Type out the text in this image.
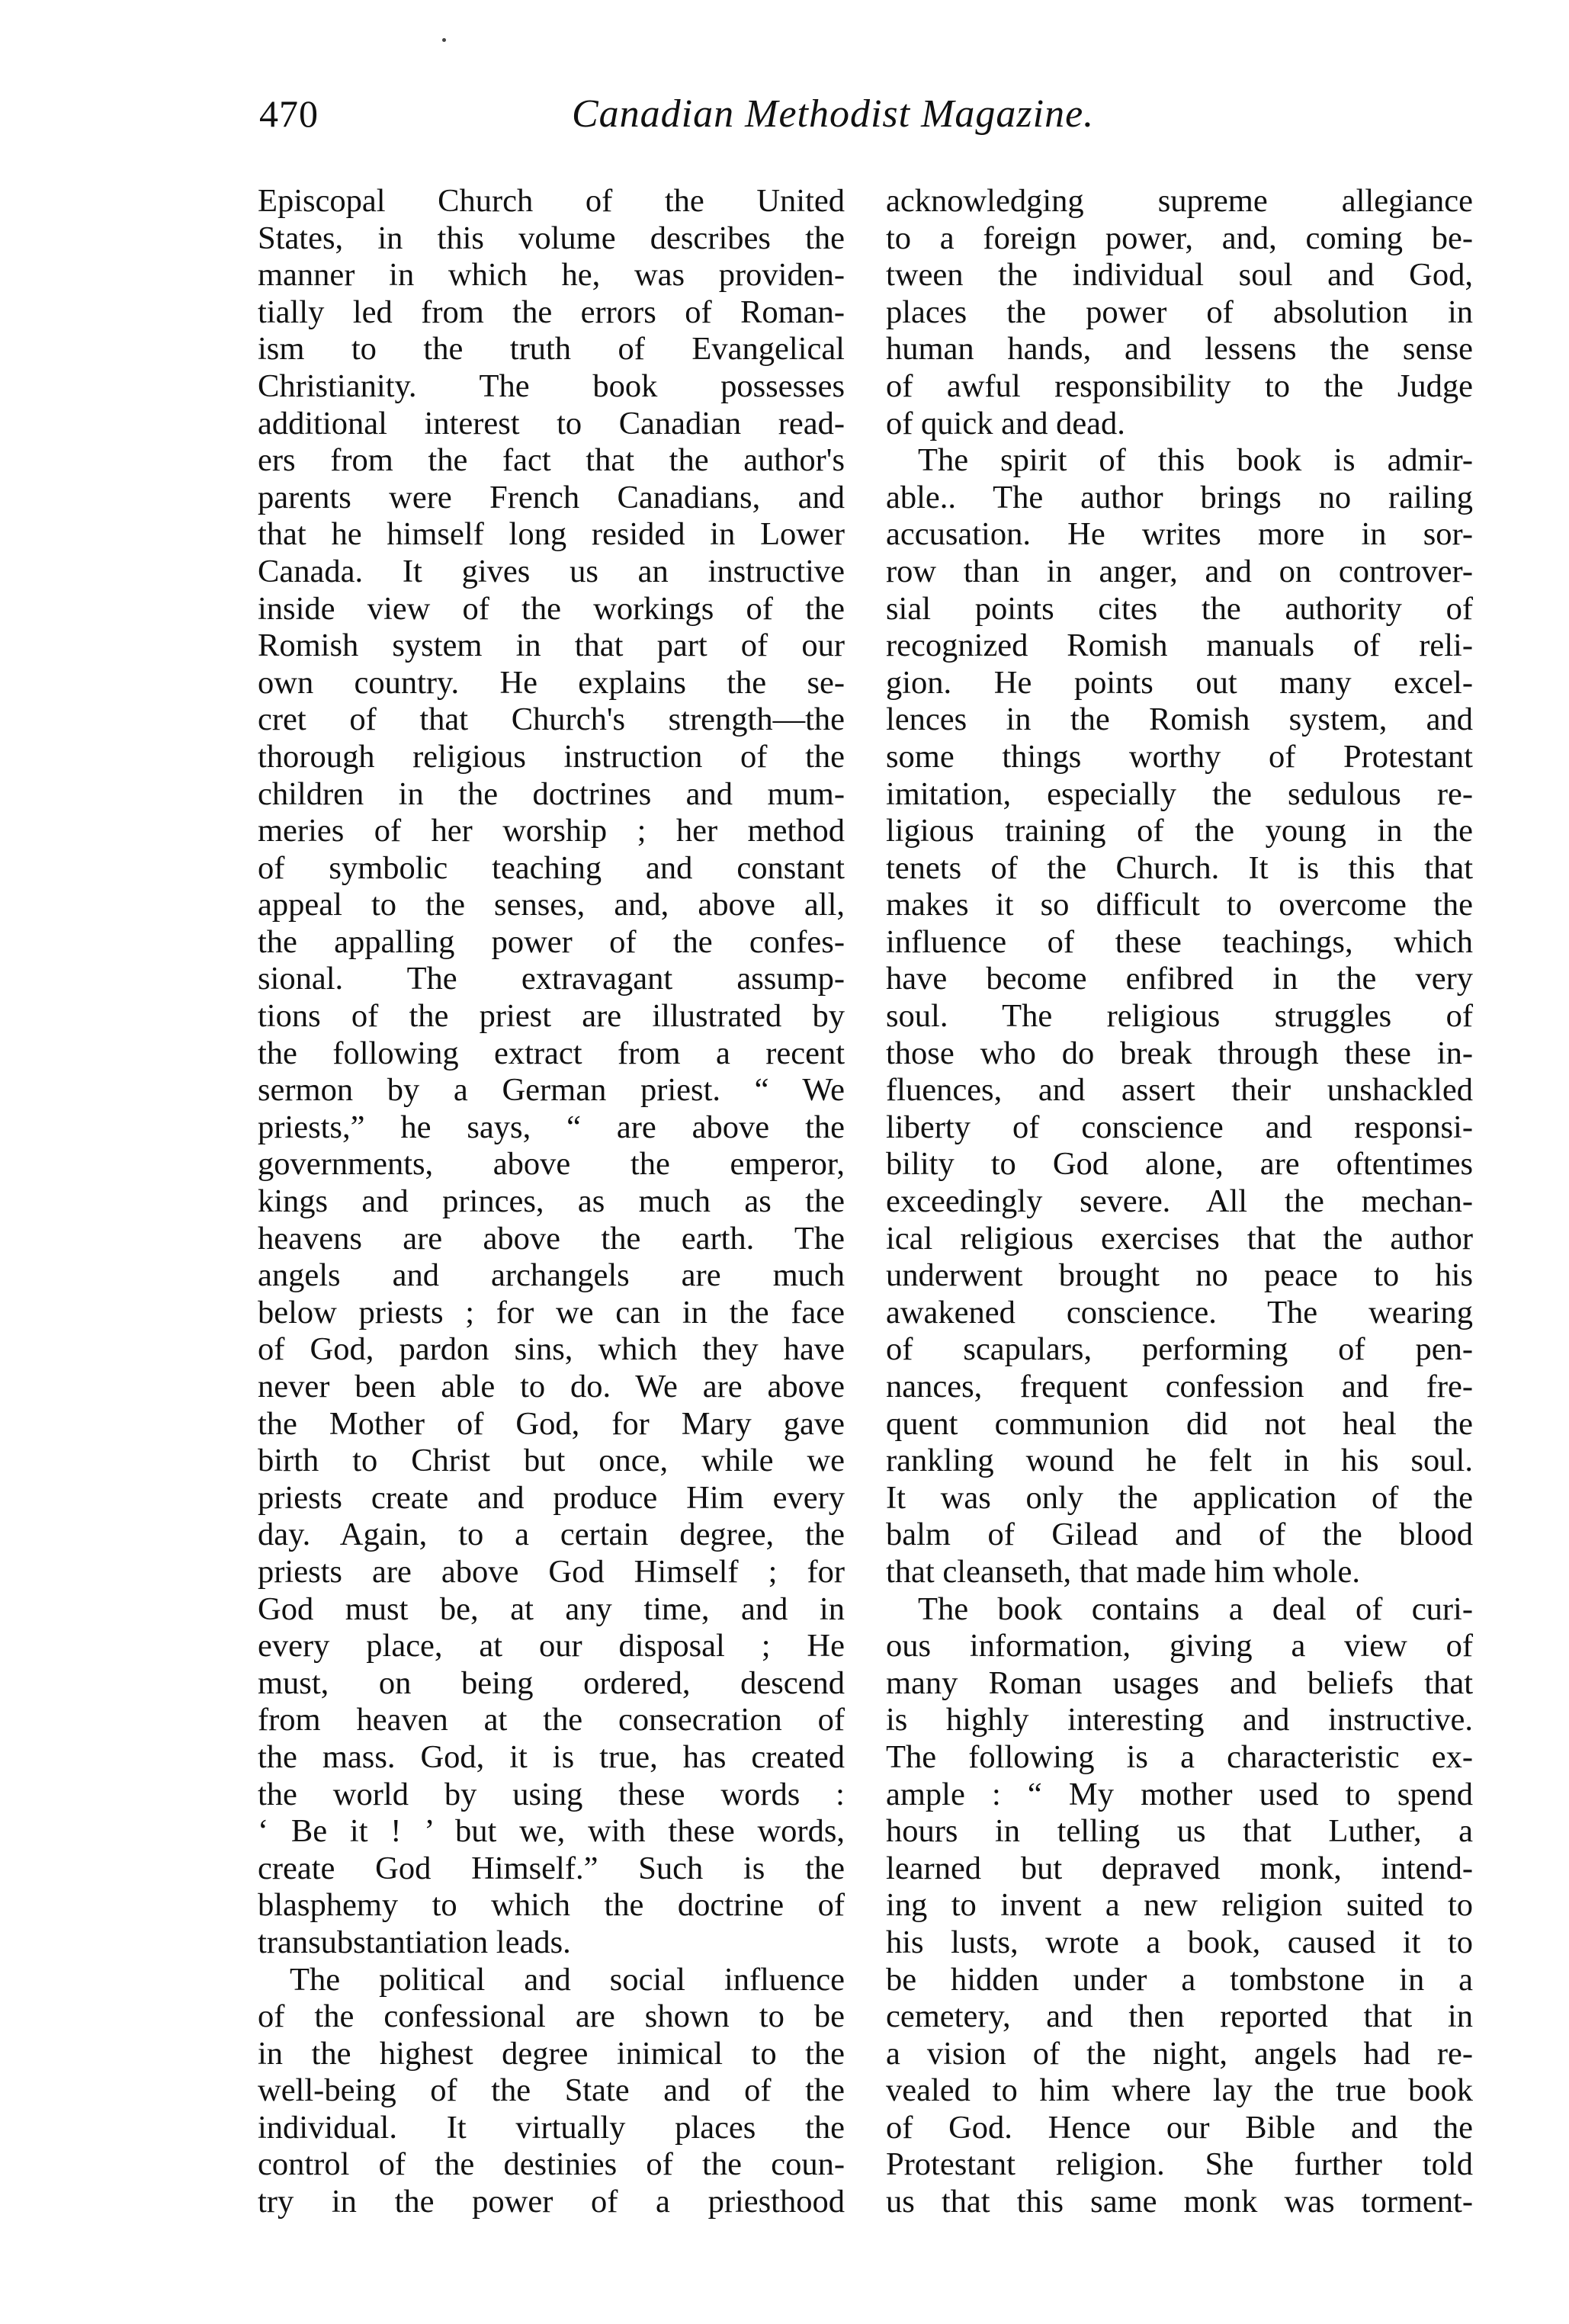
470	Canadian Methodist Magazine.
Episcopal Church of the United
States, in this volume describes the
manner in which he, was providen-
tially led from the errors of Roman-
ism to the truth of Evangelical
Christianity. The book possesses
additional interest to Canadian read-
ers from the fact that the author's
parents were French Canadians, and
that he himself long resided in Lower
Canada. It gives us an instructive
inside view of the workings of the
Romish system in that part of our
own country. He explains the se-
cret of that Church's strength—the
thorough religious instruction of the
children in the doctrines and mum-
meries of her worship ; her method
of symbolic teaching and constant
appeal to the senses, and, above all,
the appalling power of the confes-
sional. The extravagant assump-
tions of the priest are illustrated by
the following extract from a recent
sermon by a German priest. “ We
priests,” he says, “ are above the
governments, above the emperor,
kings and princes, as much as the
heavens are above the earth. The
angels and archangels are much
below priests ; for we can in the face
of God, pardon sins, which they have
never been able to do. We are above
the Mother of God, for Mary gave
birth to Christ but once, while we
priests create and produce Him every
day. Again, to a certain degree, the
priests are above God Himself ; for
God must be, at any time, and in
every place, at our disposal ; He
must, on being ordered, descend
from heaven at the consecration of
the mass. God, it is true, has created
the world by using these words :
‘ Be it ! ’ but we, with these words,
create God Himself.” Such is the
blasphemy to which the doctrine of
transubstantiation leads.
The political and social influence
of the confessional are shown to be
in the highest degree inimical to the
well-being of the State and of the
individual. It virtually places the
control of the destinies of the coun-
try in the power of a priesthood
acknowledging supreme allegiance
to a foreign power, and, coming be-
tween the individual soul and God,
places the power of absolution in
human hands, and lessens the sense
of awful responsibility to the Judge
of quick and dead.
The spirit of this book is admir-
able.. The author brings no railing
accusation. He writes more in sor-
row than in anger, and on controver-
sial points cites the authority of
recognized Romish manuals of reli-
gion. He points out many excel-
lences in the Romish system, and
some things worthy of Protestant
imitation, especially the sedulous re-
ligious training of the young in the
tenets of the Church. It is this that
makes it so difficult to overcome the
influence of these teachings, which
have become enfibred in the very
soul. The religious struggles of
those who do break through these in-
fluences, and assert their unshackled
liberty of conscience and responsi-
bility to God alone, are oftentimes
exceedingly severe. All the mechan-
ical religious exercises that the author
underwent brought no peace to his
awakened conscience. The wearing
of scapulars, performing of pen-
nances, frequent confession and fre-
quent communion did not heal the
rankling wound he felt in his soul.
It was only the application of the
balm of Gilead and of the blood
that cleanseth, that made him whole.
The book contains a deal of curi-
ous information, giving a view of
many Roman usages and beliefs that
is highly interesting and instructive.
The following is a characteristic ex-
ample : “ My mother used to spend
hours in telling us that Luther, a
learned but depraved monk, intend-
ing to invent a new religion suited to
his lusts, wrote a book, caused it to
be hidden under a tombstone in a
cemetery, and then reported that in
a vision of the night, angels had re-
vealed to him where lay the true book
of God. Hence our Bible and the
Protestant religion. She further told
us that this same monk was torment-
